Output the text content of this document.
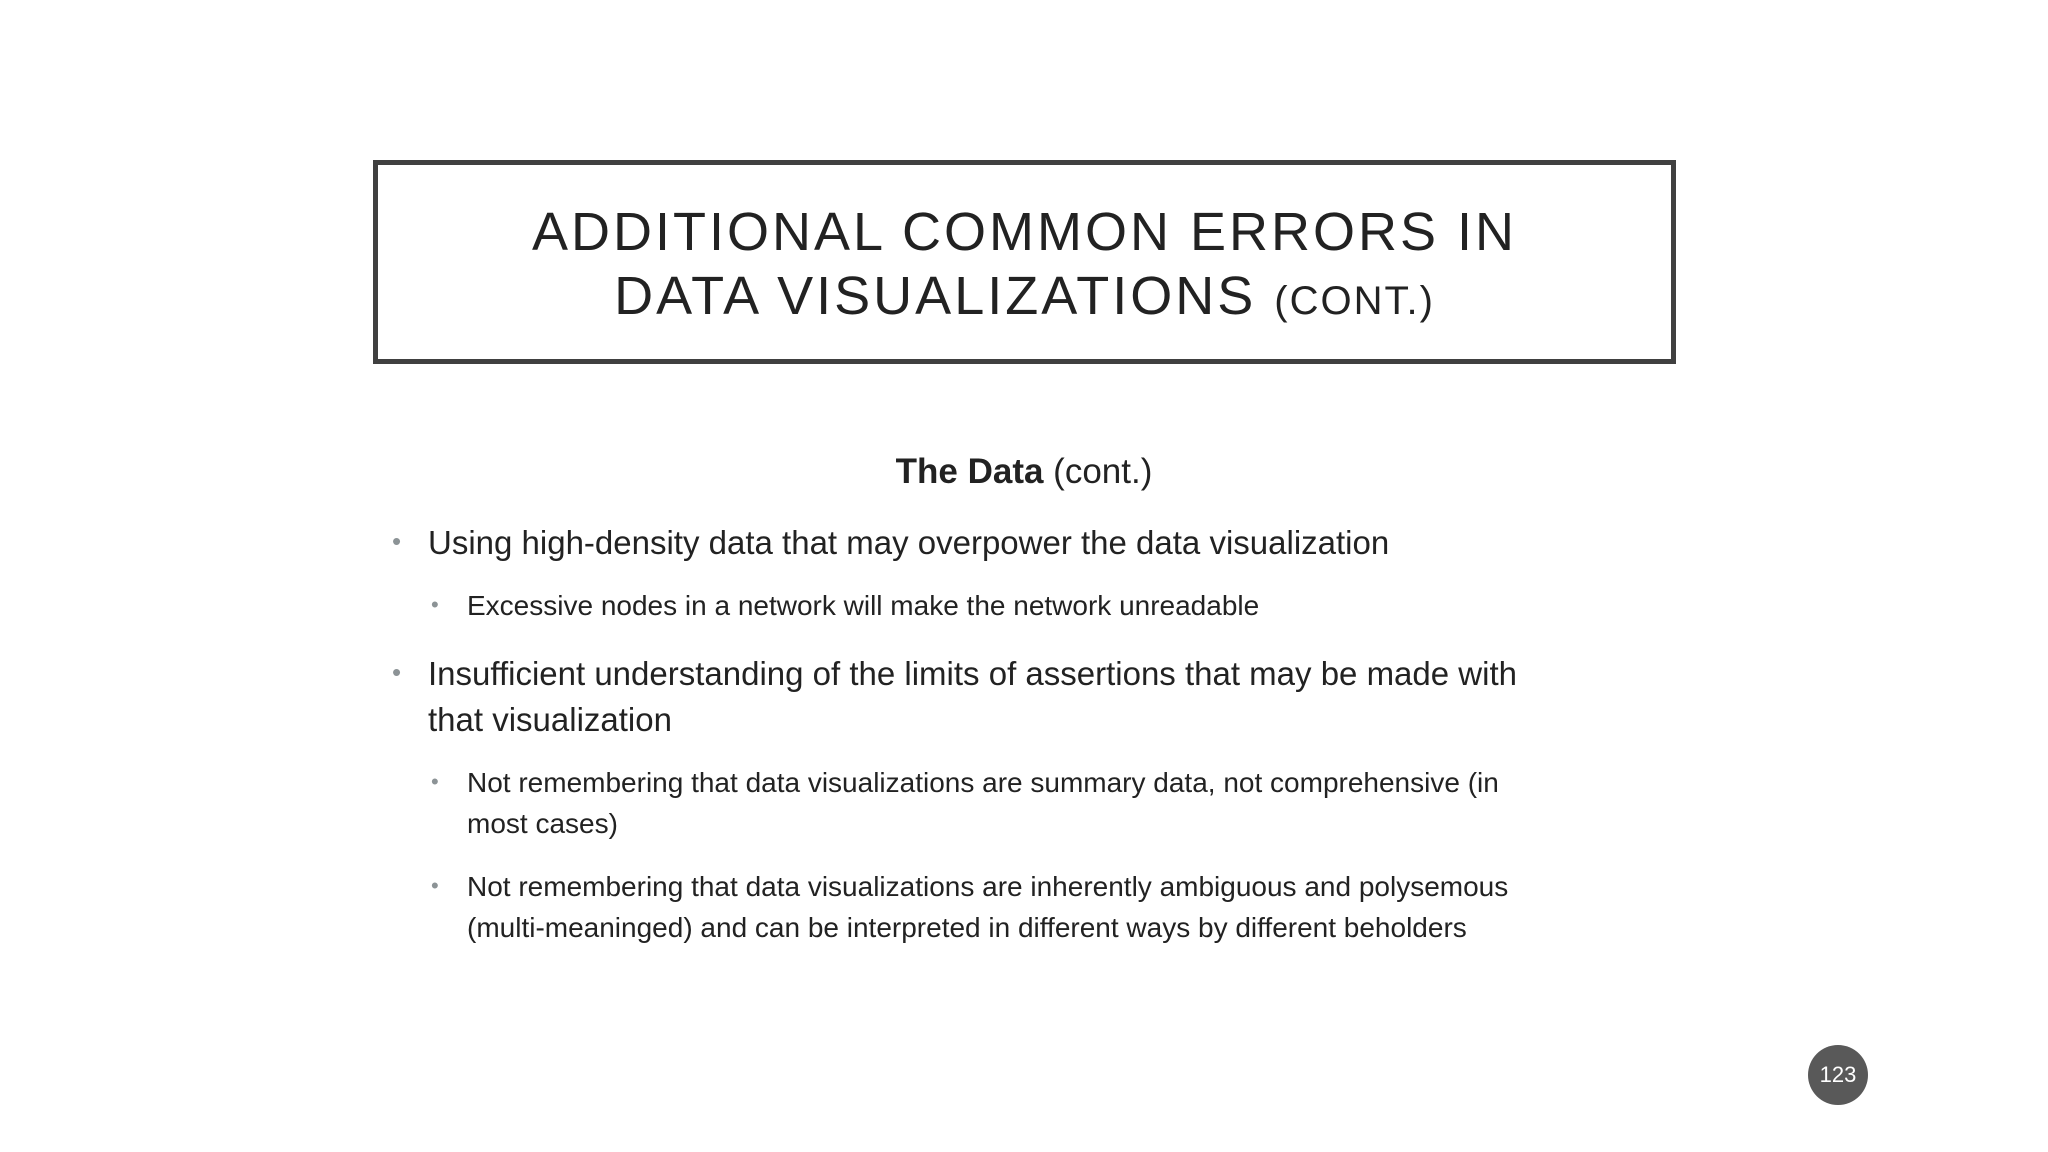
ADDITIONAL COMMON ERRORS IN
DATA VISUALIZATIONS (CONT.)
The Data (cont.)
• Using high-density data that may overpower the data visualization
• Excessive nodes in a network will make the network unreadable
• Insufficient understanding of the limits of assertions that may be made with
that visualization
• Not remembering that data visualizations are summary data, not comprehensive (in
most cases)
• Not remembering that data visualizations are inherently ambiguous and polysemous
(multi-meaninged) and can be interpreted in different ways by different beholders
123
